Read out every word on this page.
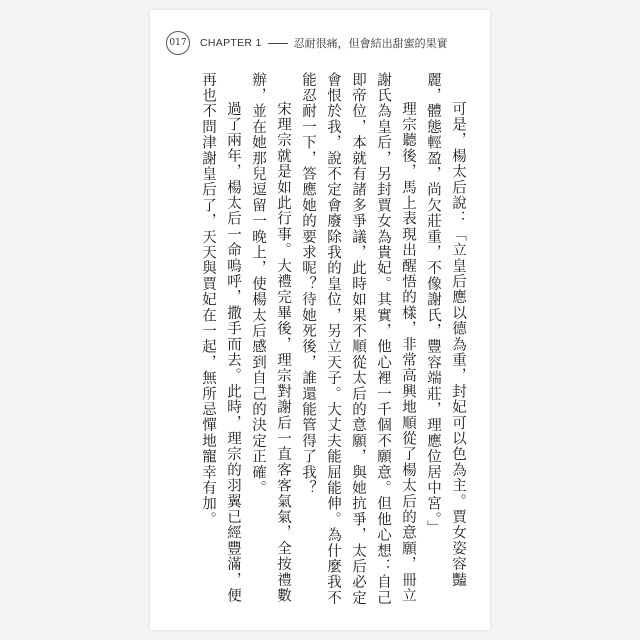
017	CHAPTER 1	忍耐很痛，但會結出甜蜜的果實

可是，楊太后說：「立皇后應以德為重，封妃可以色為主。賈女姿容豔麗，體態輕盈，尚欠莊重，不像謝氏，豐容端莊，理應位居中宮。」

理宗聽後，馬上表現出醒悟的樣，非常高興地順從了楊太后的意願，冊立謝氏為皇后，另封賈女為貴妃。其實，他心裡一千個不願意。但他心想：自己即帝位，本就有諸多爭議，此時如果不順從太后的意願，與她抗爭，太后必定會恨於我，說不定會廢除我的皇位，另立天子。大丈夫能屈能伸。為什麼我不能忍耐一下，答應她的要求呢？待她死後，誰還能管得了我？

宋理宗就是如此行事。大禮完畢後，理宗對謝后一直客客氣氣，全按禮數辦，並在她那兒逗留一晚上，使楊太后感到自己的決定正確。

過了兩年，楊太后一命嗚呼，撒手而去。此時，理宗的羽翼已經豐滿，便再也不問津謝皇后了，天天與賈妃在一起，無所忌憚地寵幸有加。
